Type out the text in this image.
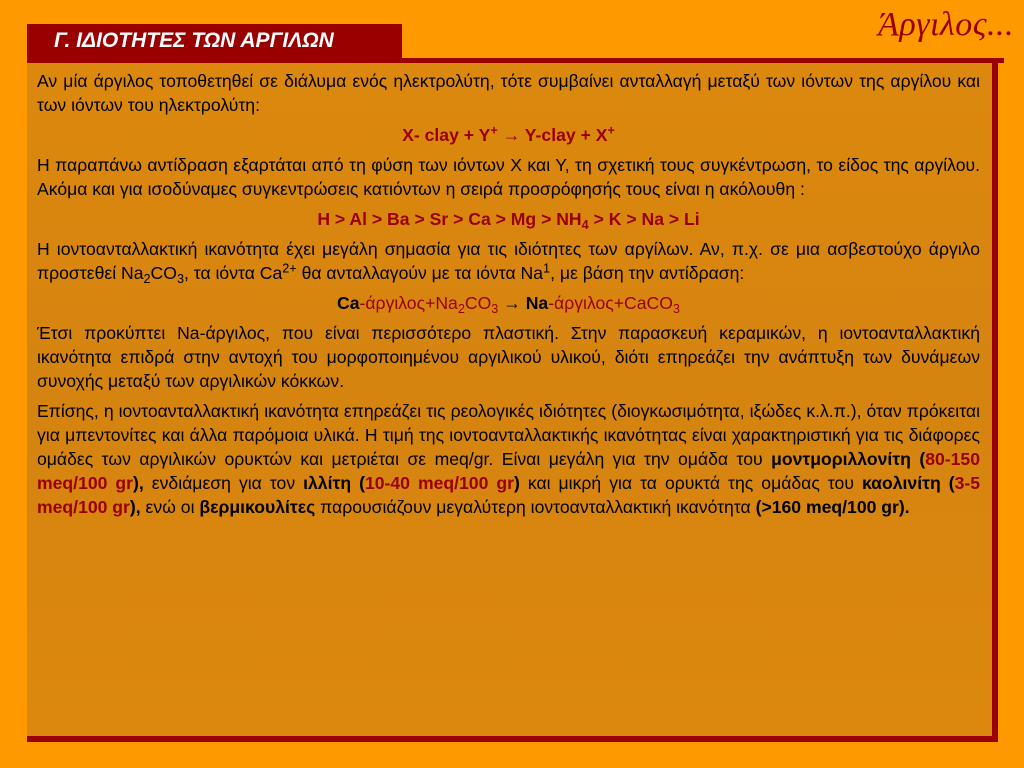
Άργιλος...
Γ. ΙΔΙΟΤΗΤΕΣ ΤΩΝ ΑΡΓΙΛΩΝ

Αν μία άργιλος τοποθετηθεί σε διάλυμα ενός ηλεκτρολύτη, τότε συμβαίνει ανταλλαγή μεταξύ των ιόντων της αργίλου και των ιόντων του ηλεκτρολύτη:

X- clay + Y+ → Y-clay + X+

Η παραπάνω αντίδραση εξαρτάται από τη φύση των ιόντων Χ και Υ, τη σχετική τους συγκέντρωση, το είδος της αργίλου. Ακόμα και για ισοδύναμες συγκεντρώσεις κατιόντων η σειρά προσρόφησής τους είναι η ακόλουθη :

$H > Al > Ba > Sr > Ca > Mg > NH_4 > K > Na > Li$

Η ιοντοανταλλακτική ικανότητα έχει μεγάλη σημασία για τις ιδιότητες των αργίλων. Αν, π.χ. σε μια ασβεστούχο άργιλο προστεθεί $Na_2CO_3$, τα ιόντα $Ca^{2+}$ θα ανταλλαγούν με τα ιόντα Na$^1$, με βάση την αντίδραση:

$Ca-ά\rho\gamma\iota\lambda o\varsigma+Na_2CO_3$ → Na-άργιλος+CaCO$_3$

Έτσι προκύπτει Na-άργιλος, που είναι περισσότερο πλαστική. Στην παρασκευή κεραμικών, η ιοντοανταλλακτική ικανότητα επιδρά στην αντοχή του μορφοποιημένου αργιλικού υλικού, διότι επηρεάζει την ανάπτυξη των δυνάμεων συνοχής μεταξύ των αργιλικών κόκκων.

Επίσης, η ιοντοανταλλακτική ικανότητα επηρεάζει τις ρεολογικές ιδιότητες (διογκωσιμότητα, ιξώδες κ.λ.π.), όταν πρόκειται για μπεντονίτες και άλλα παρόμοια υλικά. Η τιμή της ιοντοανταλλακτικής ικανότητας είναι χαρακτηριστική για τις διάφορες ομάδες των αργιλικών ορυκτών και μετριέται σε meq/gr. Είναι μεγάλη για την ομάδα του μοντμοριλλονίτη (80-150 meq/100 gr), ενδιάμεση για τον ιλλίτη (10-40 meq/100 gr) και μικρή για τα ορυκτά της ομάδας του καολινίτη (3-5 meq/100 gr), ενώ οι βερμικουλίτες παρουσιάζουν μεγαλύτερη ιοντοανταλλακτική ικανότητα (>160 meq/100 gr).
